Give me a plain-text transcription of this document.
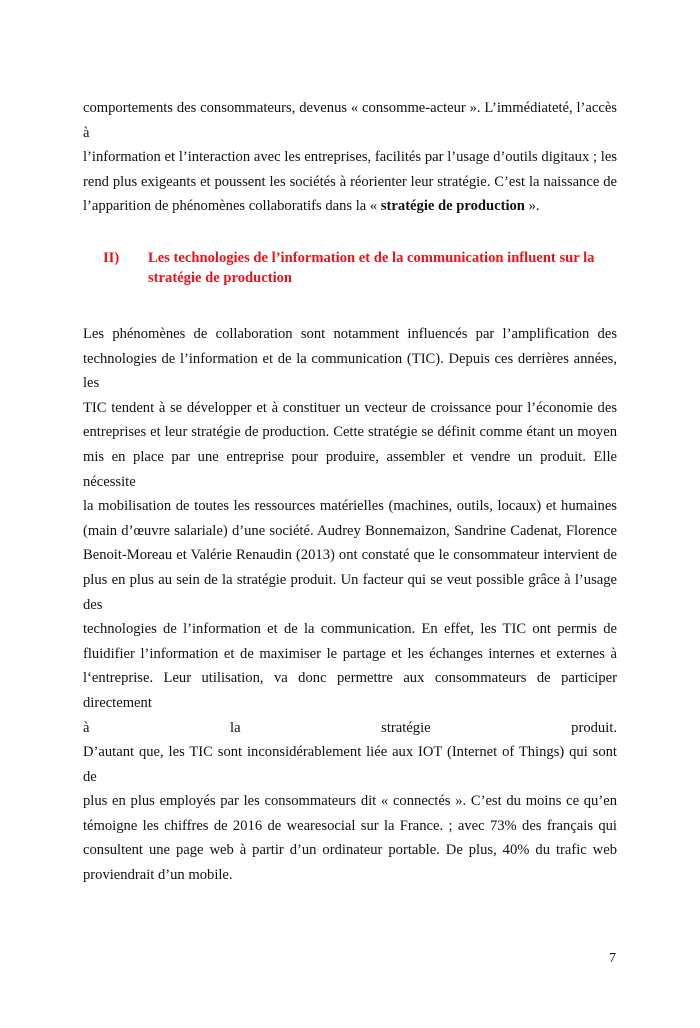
comportements des consommateurs, devenus « consomme-acteur ». L’immédiateté, l’accès à
l’information et l’interaction avec les entreprises, facilités par l’usage d’outils digitaux ; les
rend plus exigeants et poussent les sociétés à réorienter leur stratégie. C’est la naissance de
l’apparition de phénomènes collaboratifs dans la « stratégie de production ».
II) Les technologies de l’information et de la communication influent sur la stratégie de production
Les phénomènes de collaboration sont notamment influencés par l’amplification des
technologies de l’information et de la communication (TIC). Depuis ces derrières années, les
TIC tendent à se développer et à constituer un vecteur de croissance pour l’économie des
entreprises et leur stratégie de production. Cette stratégie se définit comme étant un moyen
mis en place par une entreprise pour produire, assembler et vendre un produit. Elle nécessite
la mobilisation de toutes les ressources matérielles (machines, outils, locaux) et humaines
(main d’œuvre salariale) d’une société. Audrey Bonnemaizon, Sandrine Cadenat, Florence
Benoit-Moreau et Valérie Renaudin (2013) ont constaté que le consommateur intervient de
plus en plus au sein de la stratégie produit. Un facteur qui se veut possible grâce à l’usage des
technologies de l’information et de la communication. En effet, les TIC ont permis de
fluidifier l’information et de maximiser le partage et les échanges internes et externes à
l‘entreprise. Leur utilisation, va donc permettre aux consommateurs de participer directement
à la stratégie produit.
D’autant que, les TIC sont inconsidérablement liée aux IOT (Internet of Things) qui sont de
plus en plus employés par les consommateurs dit « connectés ». C’est du moins ce qu’en
témoigne les chiffres de 2016 de wearesocial sur la France. ; avec 73% des français qui
consultent une page web à partir d’un ordinateur portable. De plus, 40% du trafic web
proviendrait d’un mobile.
7
